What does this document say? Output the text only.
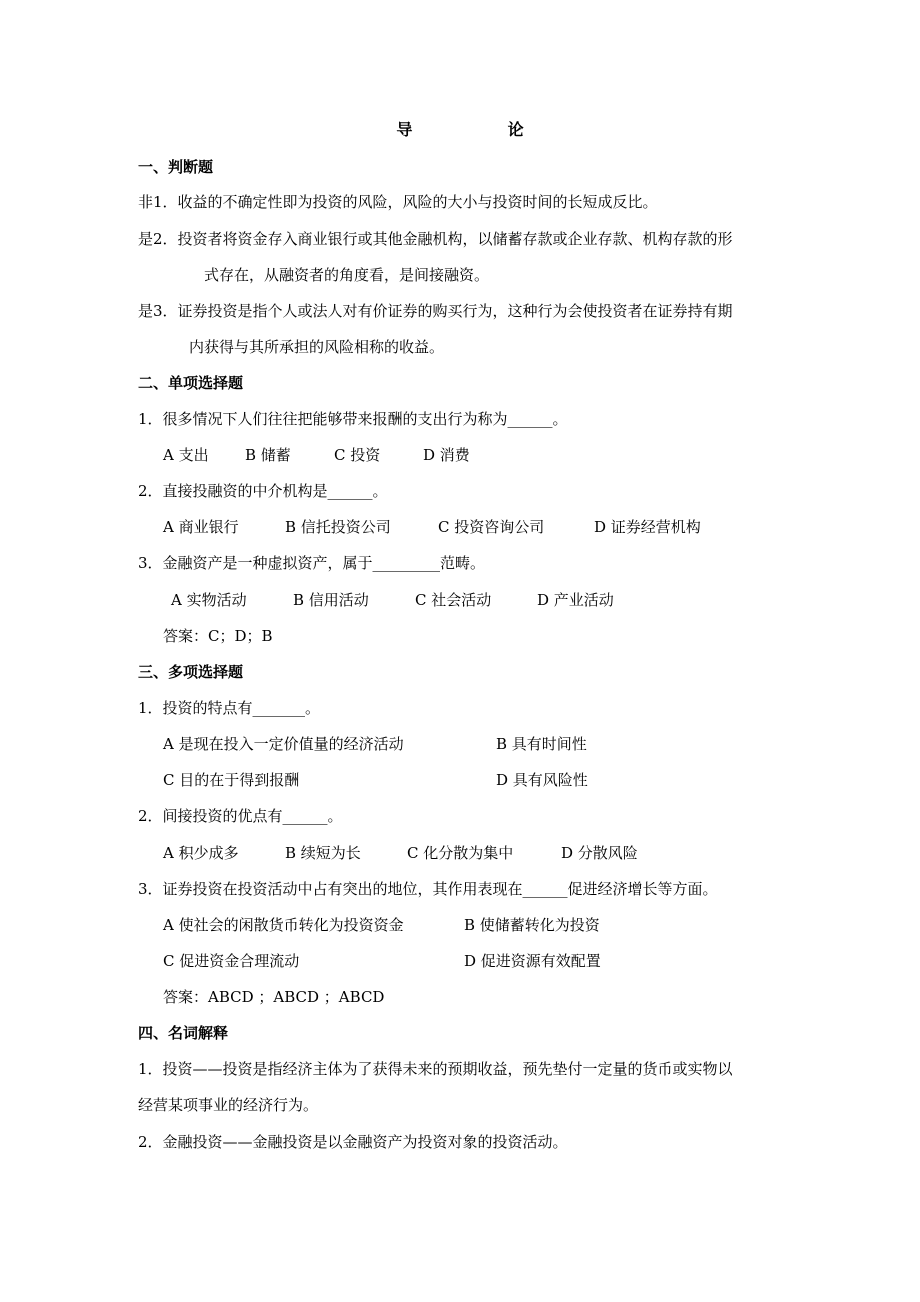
导  论
一、判断题
非1．收益的不确定性即为投资的风险，风险的大小与投资时间的长短成反比。
是2．投资者将资金存入商业银行或其他金融机构，以储蓄存款或企业存款、机构存款的形
式存在，从融资者的角度看，是间接融资。
是3．证券投资是指个人或法人对有价证券的购买行为，这种行为会使投资者在证券持有期
内获得与其所承担的风险相称的收益。
二、单项选择题
1．很多情况下人们往往把能够带来报酬的支出行为称为______。
A 支出 B 储蓄	C 投资	D 消费
2．直接投融资的中介机构是______。
A 商业银行	B 信托投资公司	C 投资咨询公司	D 证券经营机构
3．金融资产是一种虚拟资产，属于_________范畴。
A 实物活动	B 信用活动	C 社会活动	D 产业活动
答案：C；D；B
三、多项选择题
1．投资的特点有_______。
A 是现在投入一定价值量的经济活动	B 具有时间性
C 目的在于得到报酬	D 具有风险性
2．间接投资的优点有______。
A 积少成多	B 续短为长	C 化分散为集中	D 分散风险
3．证券投资在投资活动中占有突出的地位，其作用表现在______促进经济增长等方面。
A 使社会的闲散货币转化为投资资金	B 使储蓄转化为投资
C 促进资金合理流动	D 促进资源有效配置
答案：ABCD ；ABCD ；ABCD
四、名词解释
1．投资——投资是指经济主体为了获得未来的预期收益，预先垫付一定量的货币或实物以
经营某项事业的经济行为。
2．金融投资——金融投资是以金融资产为投资对象的投资活动。
